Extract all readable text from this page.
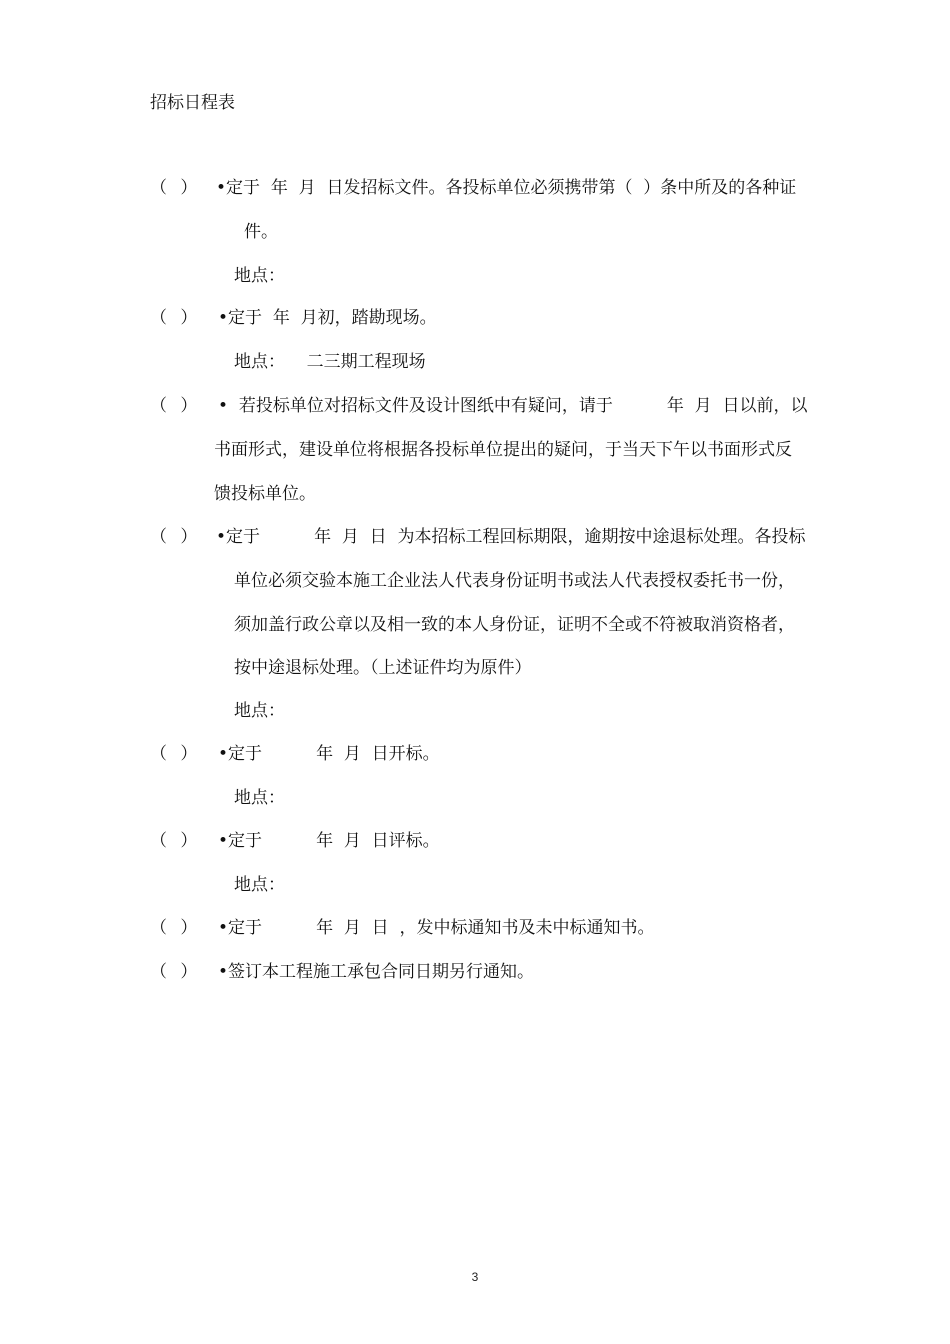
招标日程表
（ ） •定于  年  月  日发招标文件。各投标单位必须携带第（  ）条中所及的各种证
件。
地点：
（ ） •定于  年  月初，踏勘现场。
地点：    二三期工程现场
（ ） •  若投标单位对招标文件及设计图纸中有疑问，请于          年  月  日以前，以
书面形式，建设单位将根据各投标单位提出的疑问，于当天下午以书面形式反
馈投标单位。
（ ） •定于          年  月  日  为本招标工程回标期限，逾期按中途退标处理。各投标
单位必须交验本施工企业法人代表身份证明书或法人代表授权委托书一份，
须加盖行政公章以及相一致的本人身份证，证明不全或不符被取消资格者，
按中途退标处理。（上述证件均为原件）
地点：
（ ） •定于          年  月  日开标。
地点：
（ ） •定于          年  月  日评标。
地点：
（ ） •定于          年  月  日  ，发中标通知书及未中标通知书。
（ ） •签订本工程施工承包合同日期另行通知。
3
